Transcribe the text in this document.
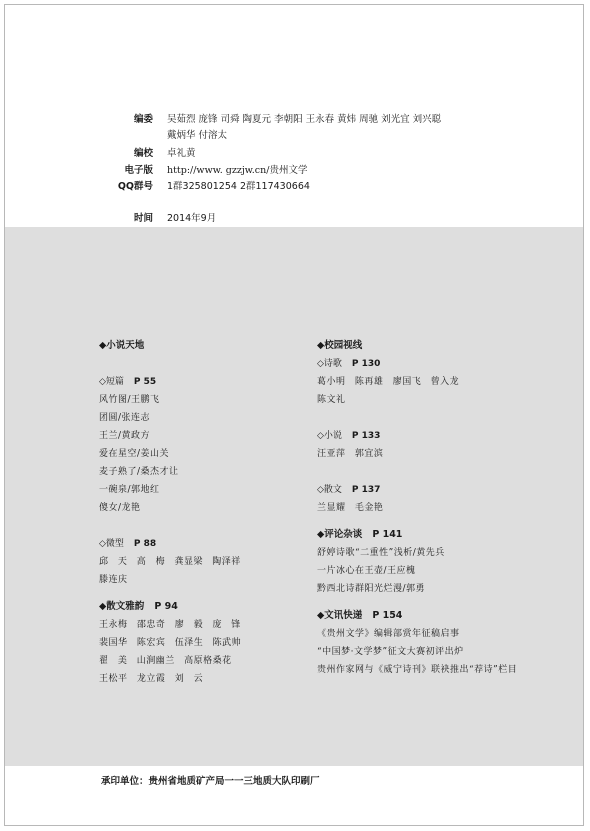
编委 吴茹烈 庞锋 司舜 陶夏元 李朝阳 王永春 黄炜 周驰 刘光宜 刘兴聪
戴炳华 付溶太
编校 卓礼黄
电子版 http://www. gzzjw.cn/贵州文学
QQ群号 1群325801254 2群117430664
时间 2014年9月
◆小说天地
◇短篇 P 55
风竹图/王鹏飞
团圆/张连志
王兰/黄政方
爱在星空/姜山关
麦子熟了/桑杰才让
一碗泉/郭地红
傻女/龙艳
◇微型 P 88
邱 天 高 梅 龚显梁 陶泽祥
滕连庆
◆散文雅韵 P 94
王永梅 邵忠奇 廖 毅 庞 锋
裴国华 陈宏宾 伍泽生 陈武帅
翟 美 山涧幽兰 高原格桑花
王松平 龙立霞 刘 云
◆校园视线
◇诗歌 P 130
葛小明 陈再雄 廖国飞 曾入龙
陈文礼
◇小说 P 133
汪亚萍 郭宜滨
◇散文 P 137
兰显耀 毛金艳
◆评论杂谈 P 141
舒婷诗歌“二重性”浅析/黄先兵
一片冰心在王壶/王应槐
黔西北诗群阳光烂漫/郭勇
◆文讯快递 P 154
《贵州文学》编辑部赏年征稿启事
“中国梦·文学梦”征文大赛初评出炉
贵州作家网与《威宁诗刊》联袂推出“荐诗”栏目
承印单位：贵州省地质矿产局一一三地质大队印刷厂
